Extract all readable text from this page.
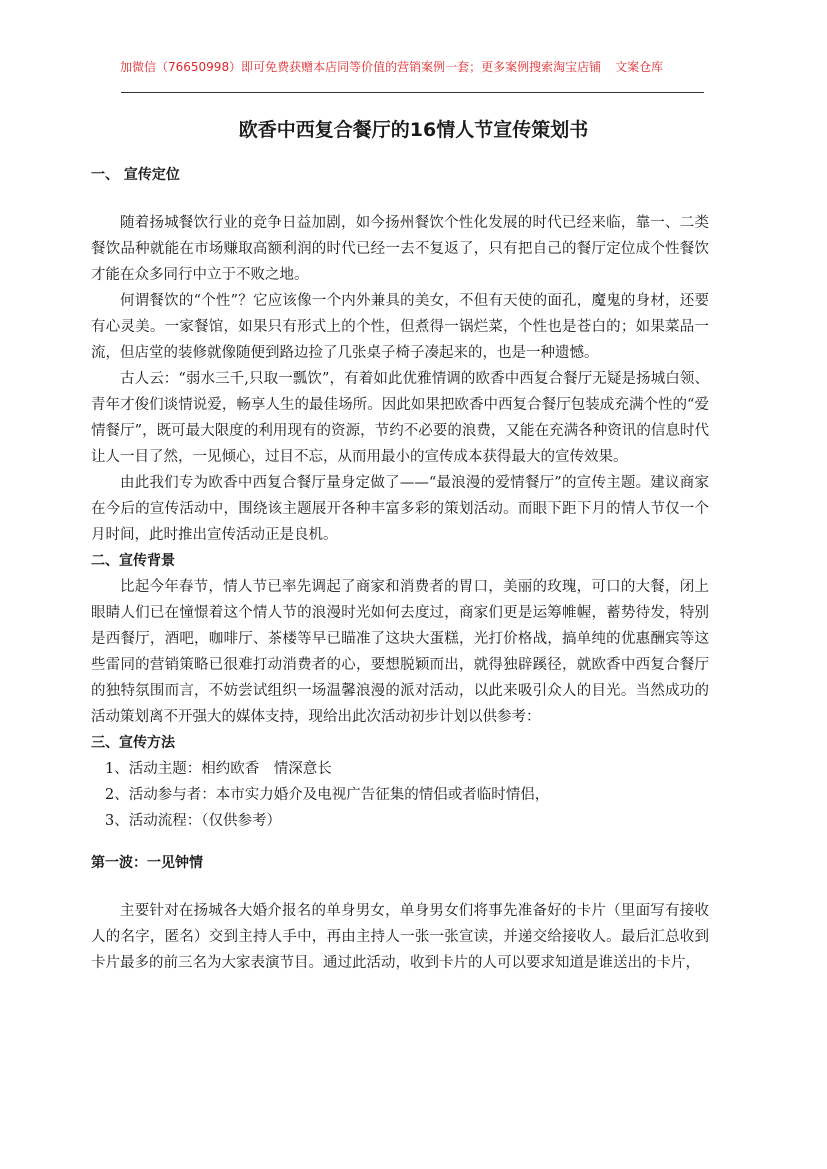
加微信（76650998）即可免费获赠本店同等价值的营销案例一套；更多案例搜索淘宝店铺 文案仓库
欧香中西复合餐厅的16情人节宣传策划书

一、 宣传定位

随着扬城餐饮行业的竞争日益加剧，如今扬州餐饮个性化发展的时代已经来临，靠一、二类餐饮品种就能在市场赚取高额利润的时代已经一去不复返了，只有把自己的餐厅定位成个性餐饮才能在众多同行中立于不败之地。

何谓餐饮的“个性”？它应该像一个内外兼具的美女，不但有天使的面孔，魔鬼的身材，还要有心灵美。一家餐馆，如果只有形式上的个性，但煮得一锅烂菜，个性也是苍白的；如果菜品一流，但店堂的装修就像随便到路边捡了几张桌子椅子凑起来的，也是一种遗憾。

古人云：“弱水三千,只取一瓢饮”，有着如此优雅情调的欧香中西复合餐厅无疑是扬城白领、青年才俊们谈情说爱，畅享人生的最佳场所。因此如果把欧香中西复合餐厅包装成充满个性的“爱情餐厅”，既可最大限度的利用现有的资源，节约不必要的浪费，又能在充满各种资讯的信息时代让人一目了然，一见倾心，过目不忘，从而用最小的宣传成本获得最大的宣传效果。

由此我们专为欧香中西复合餐厅量身定做了——“最浪漫的爱情餐厅”的宣传主题。建议商家在今后的宣传活动中，围绕该主题展开各种丰富多彩的策划活动。而眼下距下月的情人节仅一个月时间，此时推出宣传活动正是良机。

二、宣传背景

比起今年春节，情人节已率先调起了商家和消费者的胃口，美丽的玫瑰，可口的大餐，闭上眼睛人们已在憧憬着这个情人节的浪漫时光如何去度过，商家们更是运筹帷幄，蓄势待发，特别是西餐厅，酒吧，咖啡厅、茶楼等早已瞄准了这块大蛋糕，光打价格战，搞单纯的优惠酬宾等这些雷同的营销策略已很难打动消费者的心，要想脱颖而出，就得独辟蹊径，就欧香中西复合餐厅的独特氛围而言，不妨尝试组织一场温馨浪漫的派对活动，以此来吸引众人的目光。当然成功的活动策划离不开强大的媒体支持，现给出此次活动初步计划以供参考：

三、宣传方法

1、活动主题：相约欧香　情深意长

2、活动参与者：本市实力婚介及电视广告征集的情侣或者临时情侣，

3、活动流程：（仅供参考）

第一波：一见钟情

主要针对在扬城各大婚介报名的单身男女，单身男女们将事先准备好的卡片（里面写有接收人的名字，匿名）交到主持人手中，再由主持人一张一张宣读，并递交给接收人。最后汇总收到卡片最多的前三名为大家表演节目。通过此活动，收到卡片的人可以要求知道是谁送出的卡片，
